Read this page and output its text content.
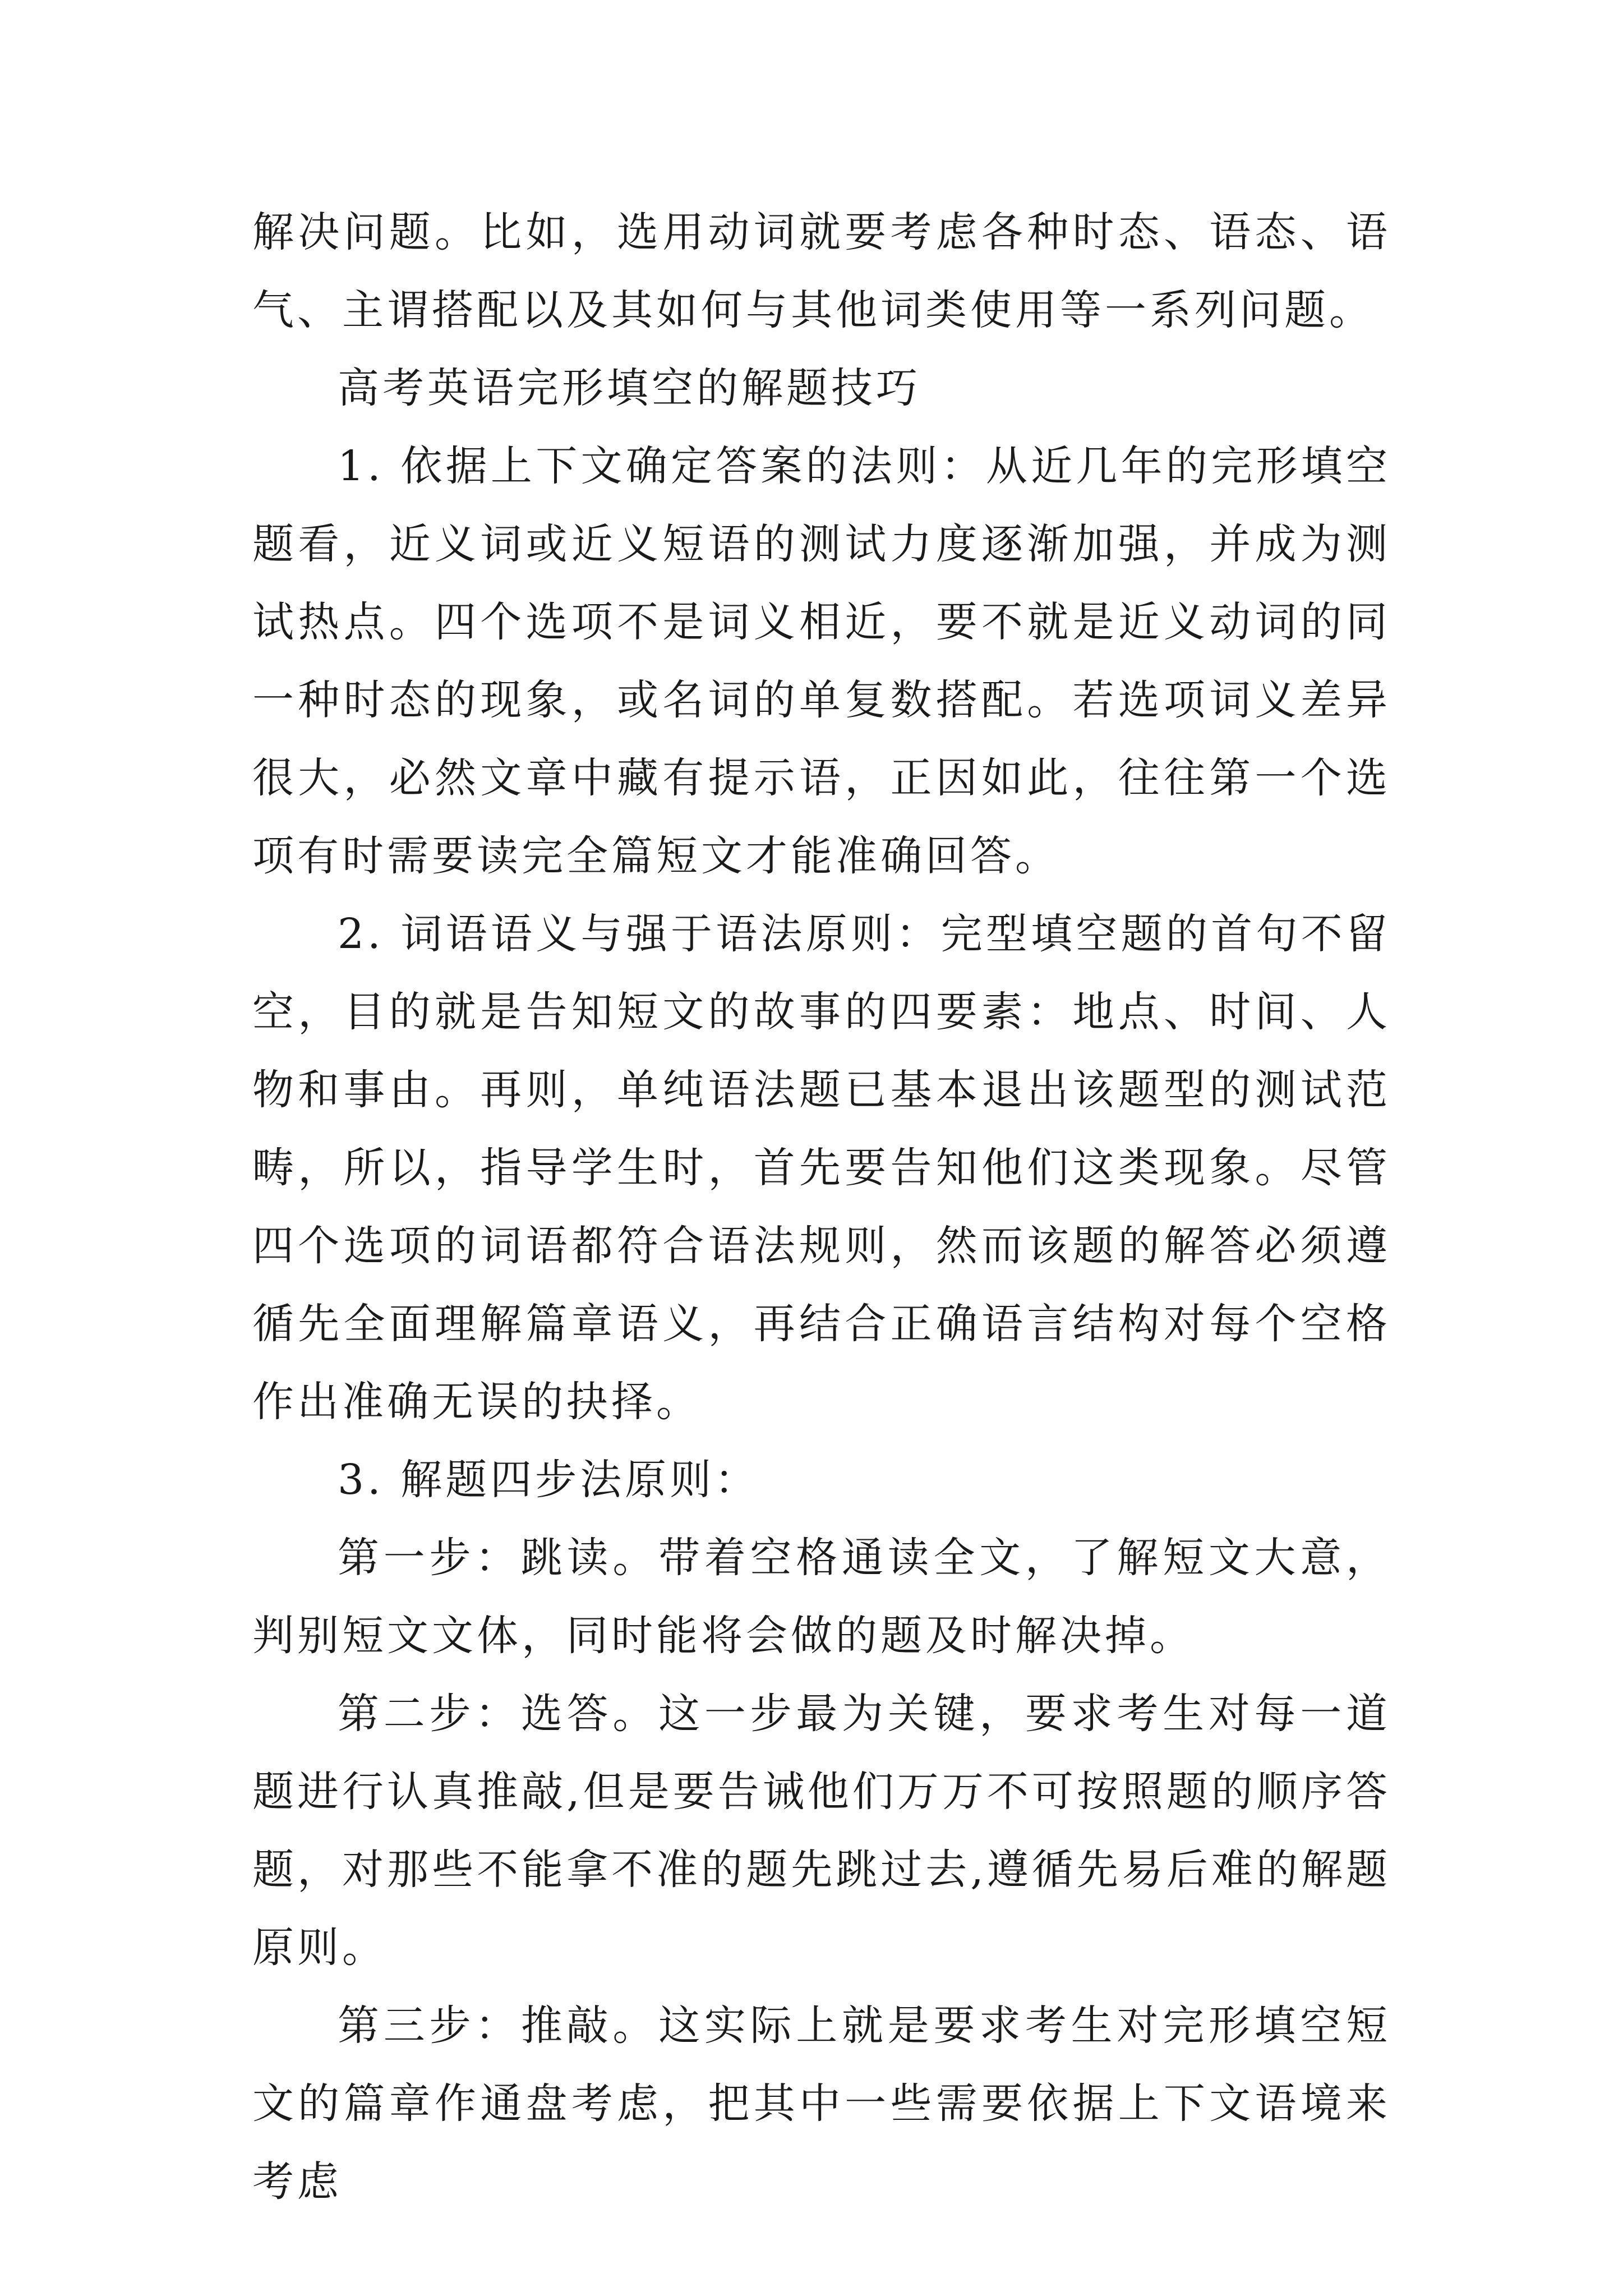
解决问题。比如，选用动词就要考虑各种时态、语态、语气、主谓搭配以及其如何与其他词类使用等一系列问题。

高考英语完形填空的解题技巧

1. 依据上下文确定答案的法则：从近几年的完形填空题看，近义词或近义短语的测试力度逐渐加强，并成为测试热点。四个选项不是词义相近，要不就是近义动词的同一种时态的现象，或名词的单复数搭配。若选项词义差异很大，必然文章中藏有提示语，正因如此，往往第一个选项有时需要读完全篇短文才能准确回答。

2. 词语语义与强于语法原则：完型填空题的首句不留空，目的就是告知短文的故事的四要素：地点、时间、人物和事由。再则，单纯语法题已基本退出该题型的测试范畴，所以，指导学生时，首先要告知他们这类现象。尽管四个选项的词语都符合语法规则，然而该题的解答必须遵循先全面理解篇章语义，再结合正确语言结构对每个空格作出准确无误的抉择。

3. 解题四步法原则：

第一步：跳读。带着空格通读全文，了解短文大意，判别短文文体，同时能将会做的题及时解决掉。

第二步：选答。这一步最为关键，要求考生对每一道题进行认真推敲,但是要告诫他们万万不可按照题的顺序答题，对那些不能拿不准的题先跳过去,遵循先易后难的解题原则。

第三步：推敲。这实际上就是要求考生对完形填空短文的篇章作通盘考虑，把其中一些需要依据上下文语境来考虑
